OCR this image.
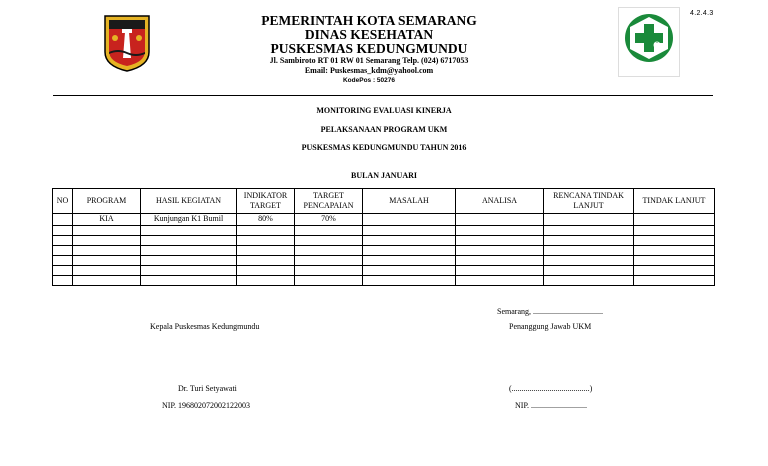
PEMERINTAH KOTA SEMARANG
DINAS KESEHATAN
PUSKESMAS KEDUNGMUNDU
Jl. Sambiroto RT 01 RW 01 Semarang Telp. (024) 6717053
Email: Puskesmas_kdm@yahool.com
KodePos : 50276
4.2.4.3
MONITORING EVALUASI KINERJA
PELAKSANAAN PROGRAM UKM
PUSKESMAS KEDUNGMUNDU TAHUN 2016
BULAN JANUARI
NO	PROGRAM	HASIL KEGIATAN	INDIKATOR TARGET	TARGET PENCAPAIAN	MASALAH	ANALISA	RENCANA TINDAK LANJUT	TINDAK LANJUT
	KIA	Kunjungan K1 Bumil	80%	70%				

Semarang, ...................................
Kepala Puskesmas Kedungmundu	Penanggung Jawab UKM
Dr. Turi Setyawati	(.......................................)
NIP. 196802072002122003	NIP. ............................
